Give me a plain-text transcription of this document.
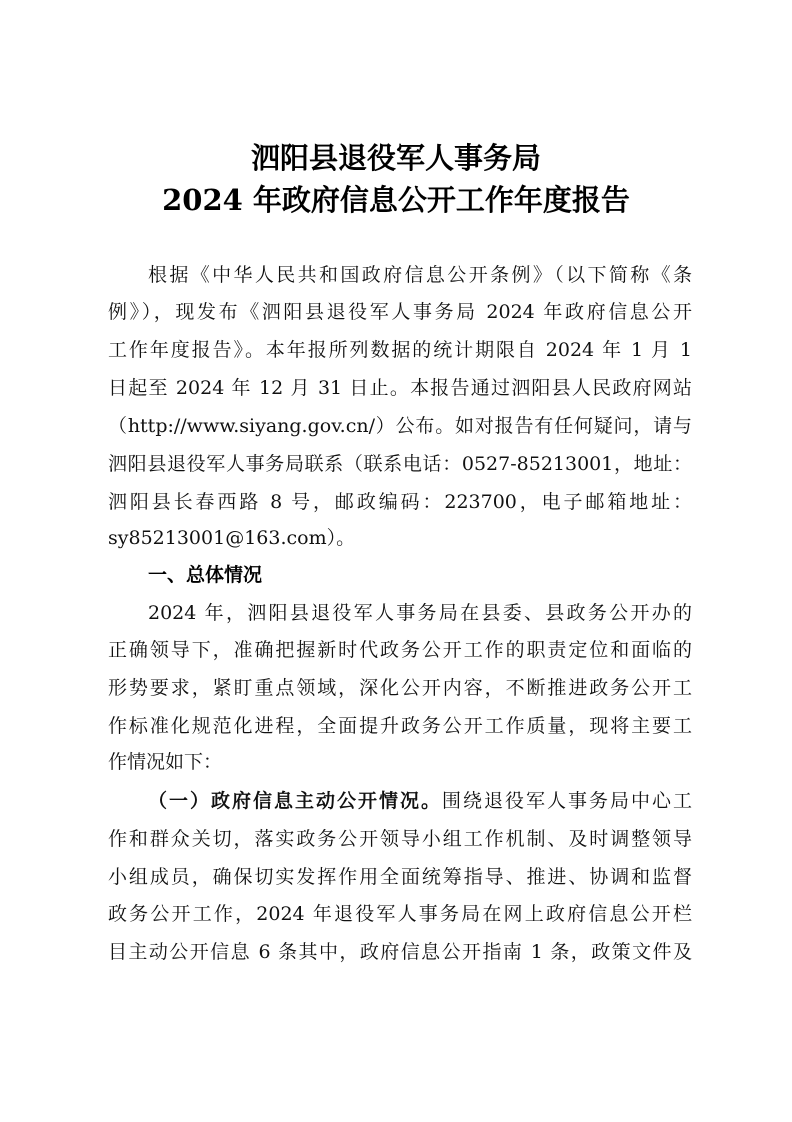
泗阳县退役军人事务局
2024 年政府信息公开工作年度报告
根据《中华人民共和国政府信息公开条例》（以下简称《条
例》），现发布《泗阳县退役军人事务局 2024 年政府信息公开
工作年度报告》。本年报所列数据的统计期限自 2024 年 1 月 1
日起至 2024 年 12 月 31 日止。本报告通过泗阳县人民政府网站
（http://www.siyang.gov.cn/）公布。如对报告有任何疑问，请与
泗阳县退役军人事务局联系（联系电话：0527-85213001，地址：
泗阳县长春西路 8 号，邮政编码：223700，电子邮箱地址：
sy85213001@163.com）。
一、总体情况
2024 年，泗阳县退役军人事务局在县委、县政务公开办的
正确领导下，准确把握新时代政务公开工作的职责定位和面临的
形势要求，紧盯重点领域，深化公开内容，不断推进政务公开工
作标准化规范化进程，全面提升政务公开工作质量，现将主要工
作情况如下：
（一）政府信息主动公开情况。围绕退役军人事务局中心工
作和群众关切，落实政务公开领导小组工作机制、及时调整领导
小组成员，确保切实发挥作用全面统筹指导、推进、协调和监督
政务公开工作，2024 年退役军人事务局在网上政府信息公开栏
目主动公开信息 6 条其中，政府信息公开指南 1 条，政策文件及
